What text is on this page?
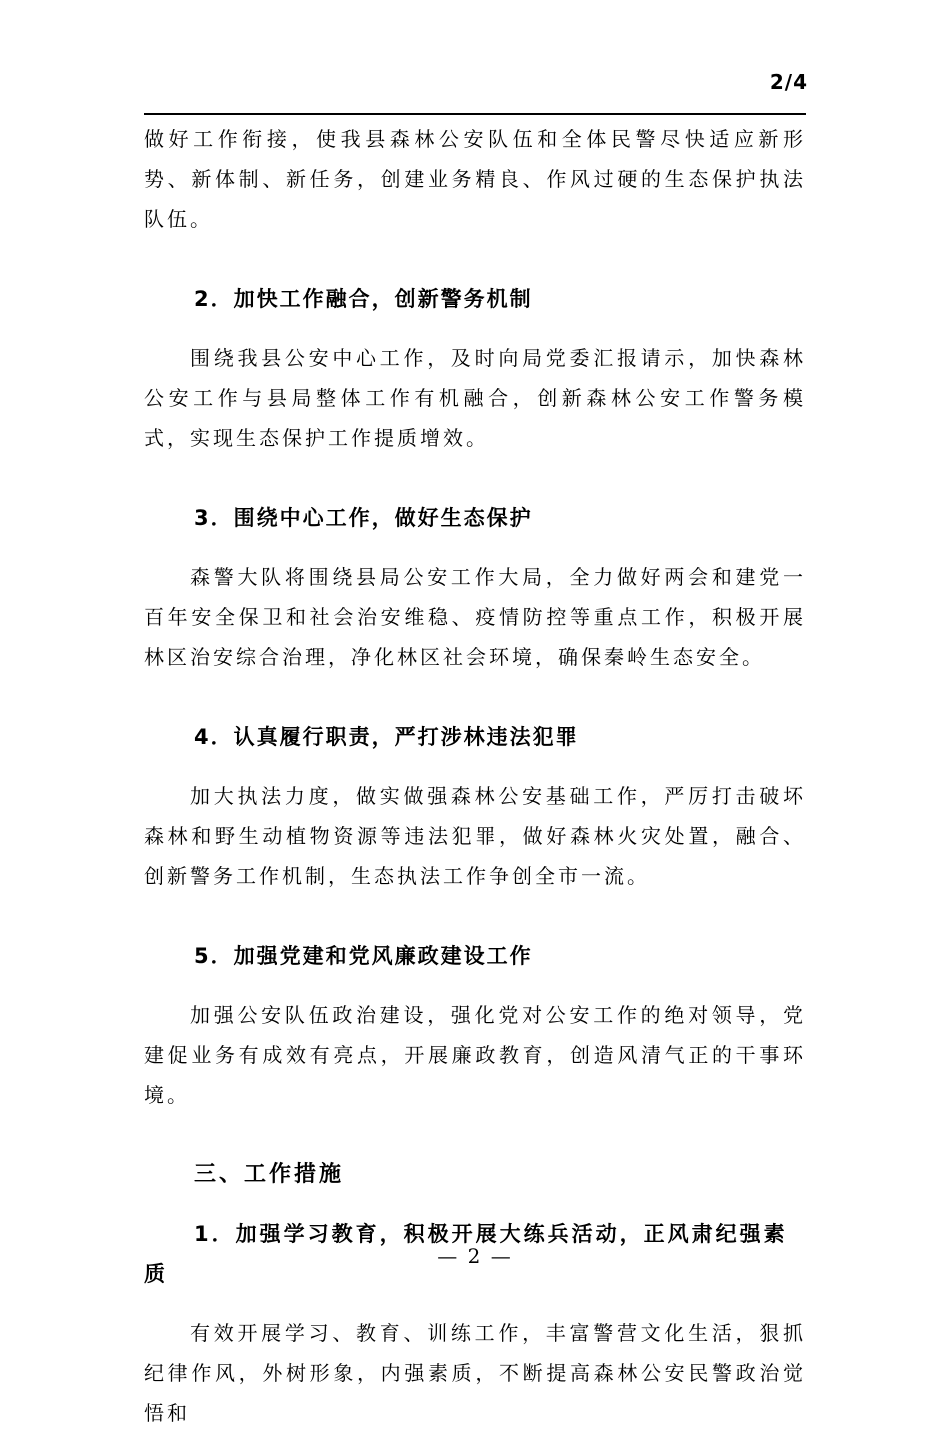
2/4

做好工作衔接，使我县森林公安队伍和全体民警尽快适应新形势、新体制、新任务，创建业务精良、作风过硬的生态保护执法队伍。

2．加快工作融合，创新警务机制

围绕我县公安中心工作，及时向局党委汇报请示，加快森林公安工作与县局整体工作有机融合，创新森林公安工作警务模式，实现生态保护工作提质增效。

3．围绕中心工作，做好生态保护

森警大队将围绕县局公安工作大局，全力做好两会和建党一百年安全保卫和社会治安维稳、疫情防控等重点工作，积极开展林区治安综合治理，净化林区社会环境，确保秦岭生态安全。

4．认真履行职责，严打涉林违法犯罪

加大执法力度，做实做强森林公安基础工作，严厉打击破坏森林和野生动植物资源等违法犯罪，做好森林火灾处置，融合、创新警务工作机制，生态执法工作争创全市一流。

5．加强党建和党风廉政建设工作

加强公安队伍政治建设，强化党对公安工作的绝对领导，党建促业务有成效有亮点，开展廉政教育，创造风清气正的干事环境。

三、工作措施

1．加强学习教育，积极开展大练兵活动，正风肃纪强素质

有效开展学习、教育、训练工作，丰富警营文化生活，狠抓纪律作风，外树形象，内强素质，不断提高森林公安民警政治觉悟和

— 2 —
